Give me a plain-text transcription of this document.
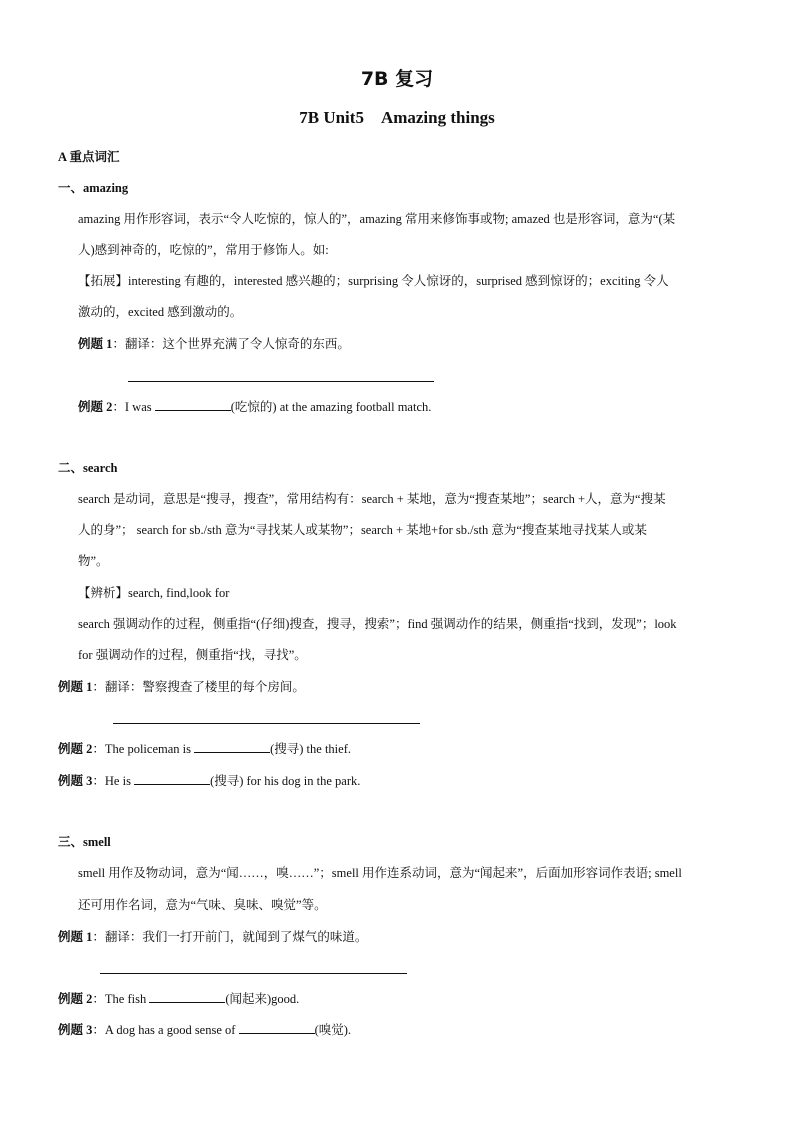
7B 复习
7B Unit5    Amazing things
A 重点词汇
一、amazing
amazing 用作形容词，表示“令人吃惊的，惊人的”，amazing 常用来修饰事或物; amazed 也是形容词，意为“(某
人)感到神奇的，吃惊的”，常用于修饰人。如:
【拓展】interesting 有趣的，interested 感兴趣的；surprising 令人惊讶的，surprised 感到惊讶的；exciting 令人
激动的，excited 感到激动的。
例题 1：翻译：这个世界充满了令人惊奇的东西。
例题 2：I was	(吃惊的) at the amazing football match.
二、search
search 是动词，意思是“搜寻，搜查”，常用结构有：search + 某地，意为“搜查某地”；search +人，意为“搜某
人的身”； search for sb./sth 意为“寻找某人或某物”；search + 某地+for sb./sth 意为“搜查某地寻找某人或某
物”。
【辨析】search, find,look for
search 强调动作的过程，侧重指“(仔细)搜查，搜寻，搜索”；find 强调动作的结果，侧重指“找到，发现”；look
for 强调动作的过程，侧重指“找，寻找”。
例题 1：翻译：警察搜查了楼里的每个房间。
例题 2：The policeman is	(搜寻) the thief.
例题 3：He is	(搜寻) for his dog in the park.
三、smell
smell 用作及物动词，意为“闻……，嗅……”；smell 用作连系动词，意为“闻起来”，后面加形容词作表语; smell
还可用作名词，意为“气味、臭味、嗅觉”等。
例题 1：翻译：我们一打开前门，就闻到了煤气的味道。
例题 2：The fish	(闻起来)good.
例题 3：A dog has a good sense of	(嗅觉).
